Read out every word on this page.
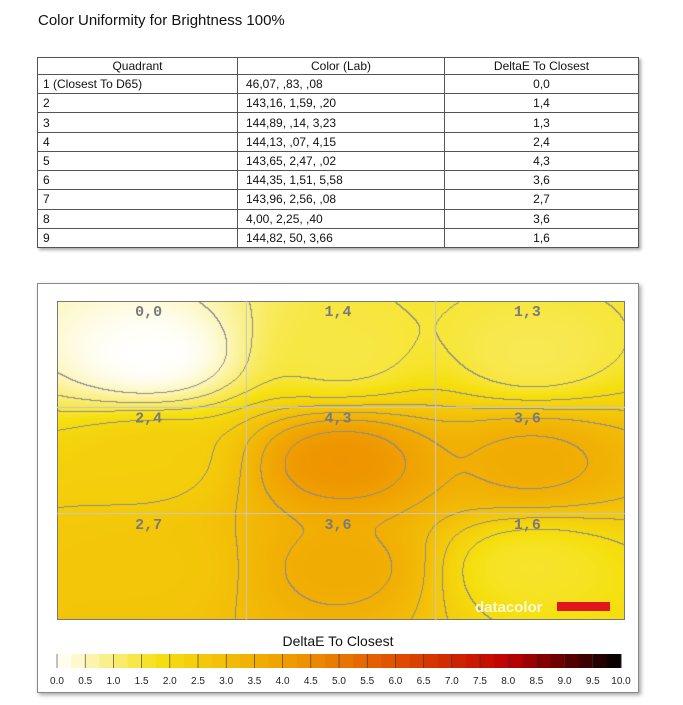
Color Uniformity for Brightness 100%
Quadrant	Color (Lab)	DeltaE To Closest
1 (Closest To D65)	46,07, ,83, ,08	0,0
2	143,16, 1,59, ,20	1,4
3	144,89, ,14, 3,23	1,3
4	144,13, ,07, 4,15	2,4
5	143,65, 2,47, ,02	4,3
6	144,35, 1,51, 5,58	3,6
7	143,96, 2,56, ,08	2,7
8	4,00, 2,25, ,40	3,6
9	144,82, 50, 3,66	1,6
0,0	1,4	1,3
2,4	4,3	3,6
2,7	3,6	1,6
datacolor
DeltaE To Closest
0.0 0.5 1.0 1.5 2.0 2.5 3.0 3.5 4.0 4.5 5.0 5.5 6.0 6.5 7.0 7.5 8.0 8.5 9.0 9.5 10.0
